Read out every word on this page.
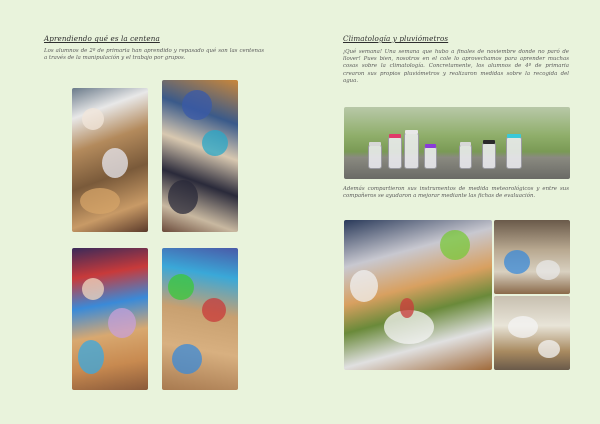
Aprendiendo qué es la centena
Los alumnos de 2º de primaria han aprendido y repasado qué son las centenas a través de la manipulación y el trabajo por grupos.
Climatología y pluviómetros
¡Qué semana! Una semana que hubo a finales de noviembre donde no paró de llover! Pues bien, nosotros en el cole lo aprovechamos para aprender muchas cosas sobre la climatología. Concretamente, los alumnos de 4º de primaria crearon sus propios pluviómetros y realizaron medidas sobre la recogida del agua.
Además compartieron sus instrumentos de medida meteorológicos y entre sus compañeros se ayudaron a mejorar mediante las fichas de evaluación.
